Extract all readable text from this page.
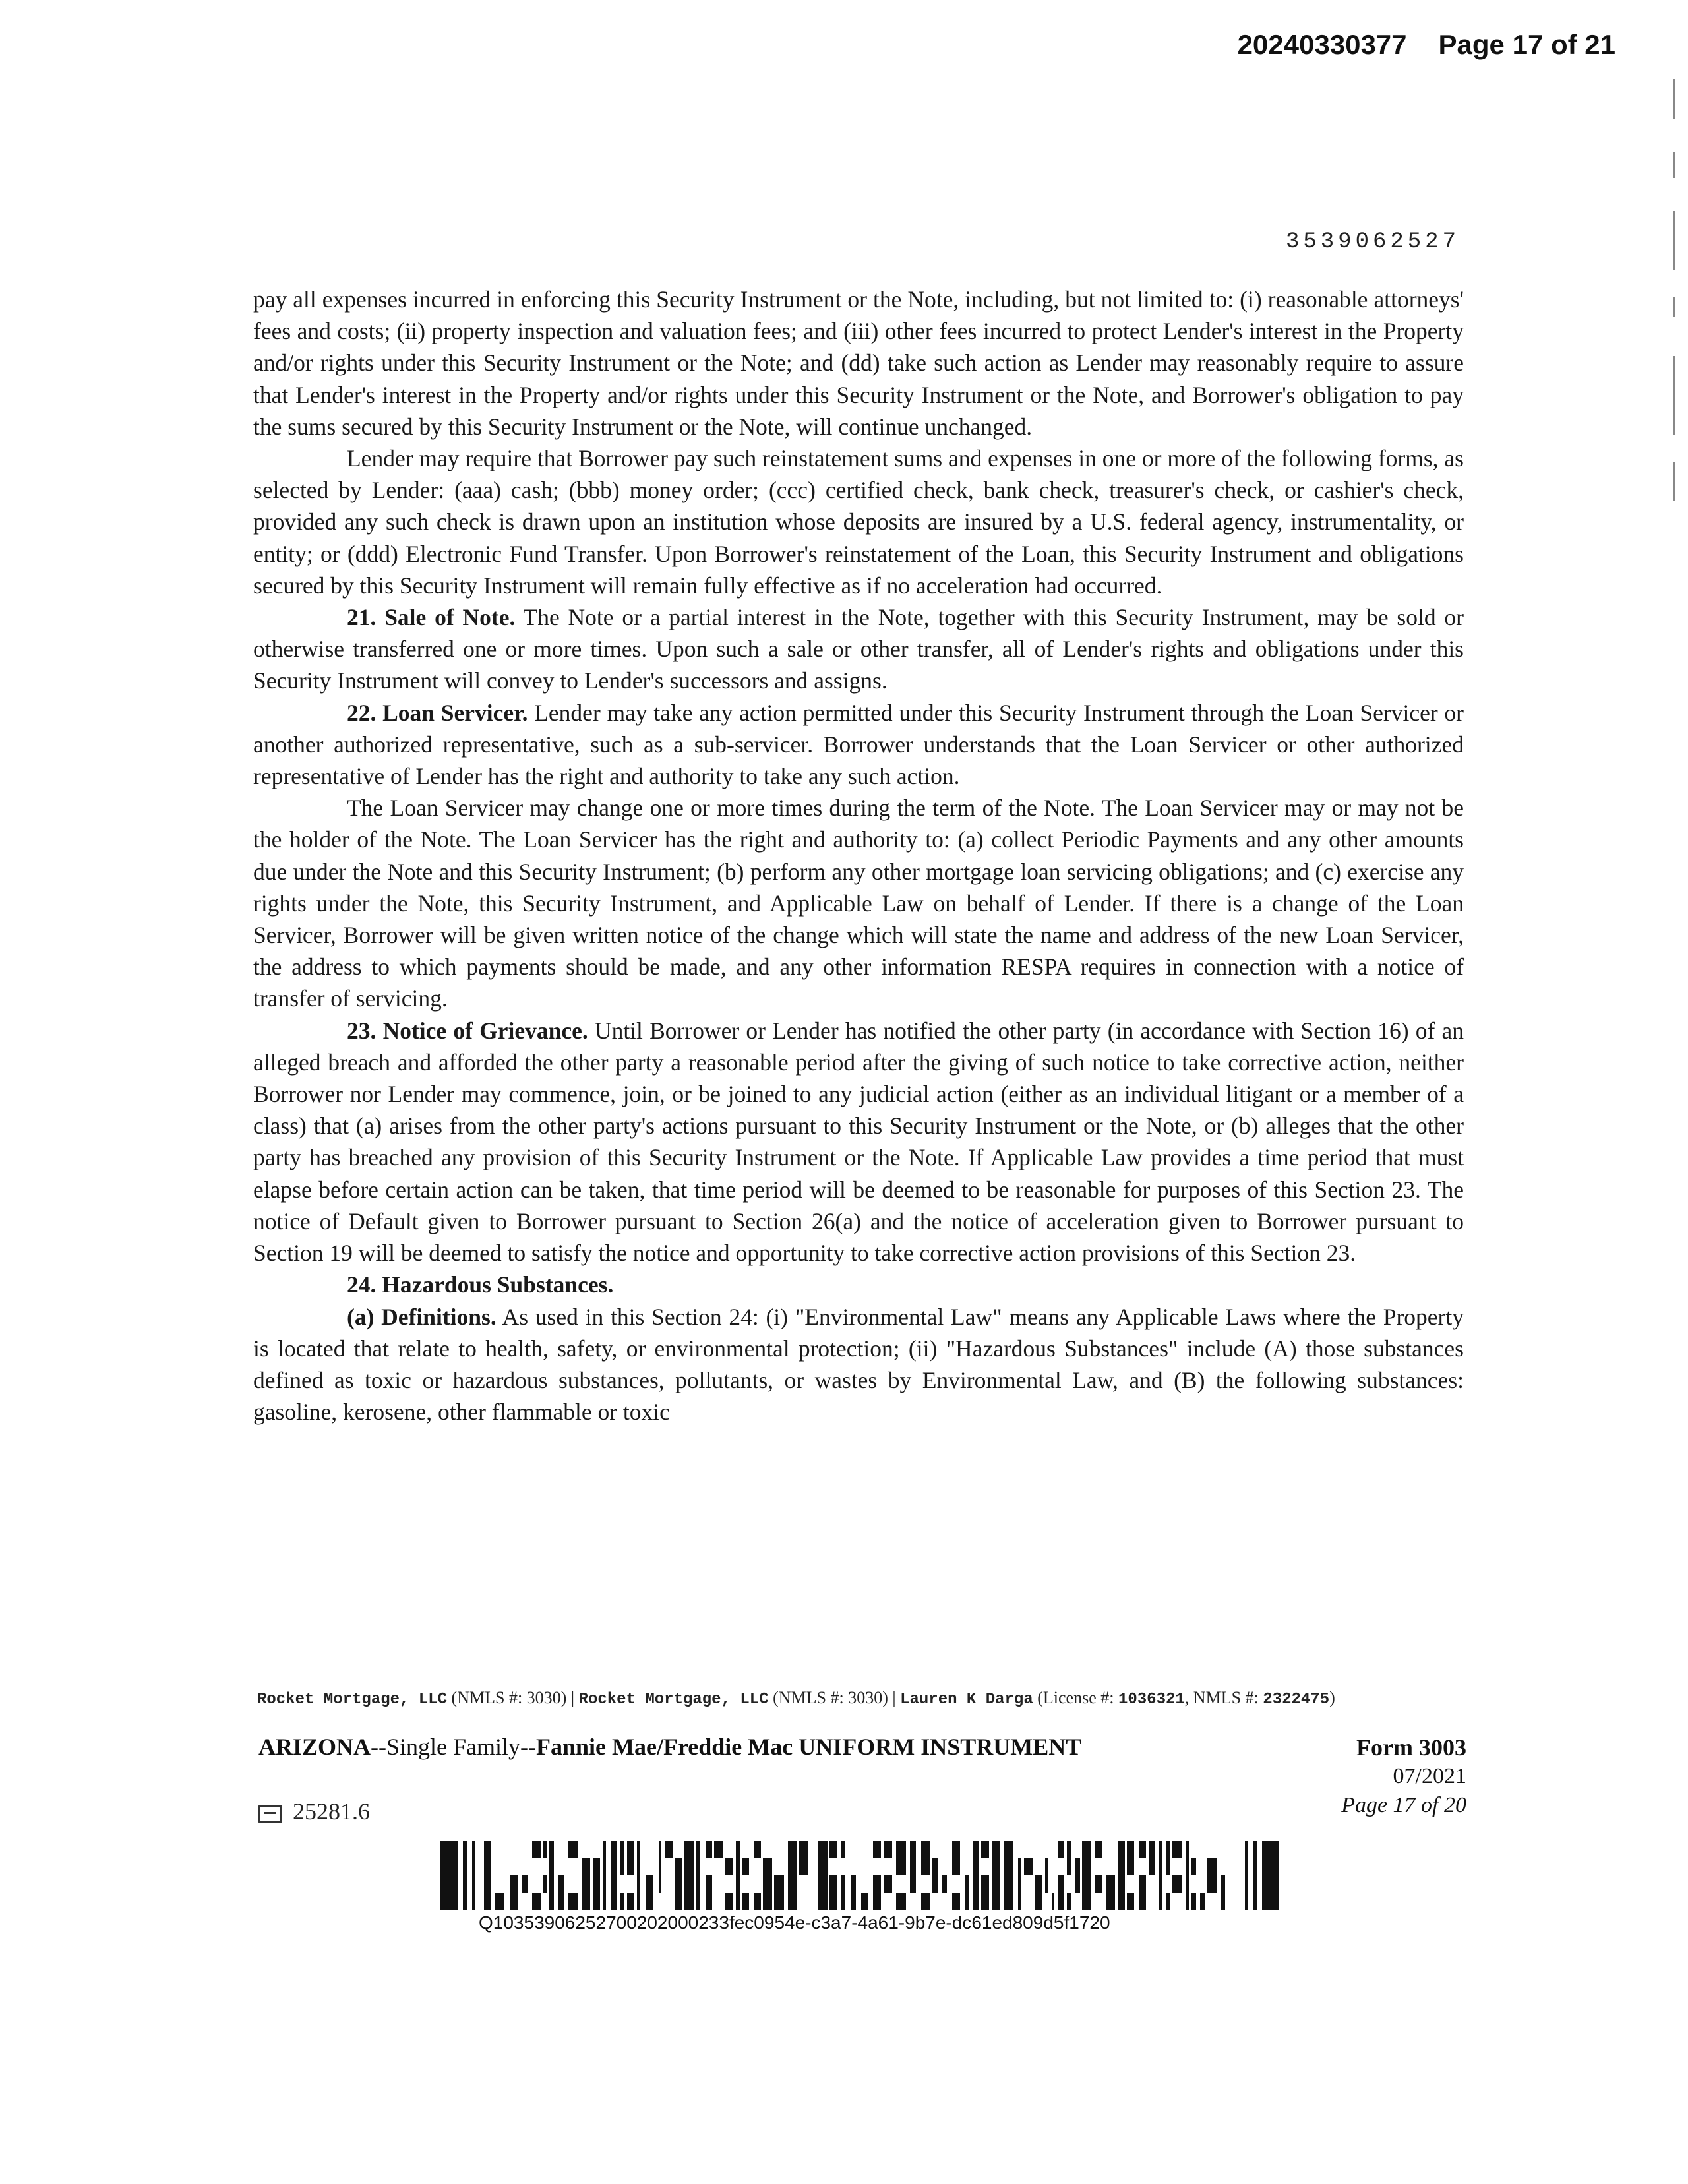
20240330377 Page 17 of 21
3539062527

pay all expenses incurred in enforcing this Security Instrument or the Note, including, but not limited to: (i) reasonable attorneys' fees and costs; (ii) property inspection and valuation fees; and (iii) other fees incurred to protect Lender's interest in the Property and/or rights under this Security Instrument or the Note; and (dd) take such action as Lender may reasonably require to assure that Lender's interest in the Property and/or rights under this Security Instrument or the Note, and Borrower's obligation to pay the sums secured by this Security Instrument or the Note, will continue unchanged.

Lender may require that Borrower pay such reinstatement sums and expenses in one or more of the following forms, as selected by Lender: (aaa) cash; (bbb) money order; (ccc) certified check, bank check, treasurer's check, or cashier's check, provided any such check is drawn upon an institution whose deposits are insured by a U.S. federal agency, instrumentality, or entity; or (ddd) Electronic Fund Transfer. Upon Borrower's reinstatement of the Loan, this Security Instrument and obligations secured by this Security Instrument will remain fully effective as if no acceleration had occurred.

21. Sale of Note. The Note or a partial interest in the Note, together with this Security Instrument, may be sold or otherwise transferred one or more times. Upon such a sale or other transfer, all of Lender's rights and obligations under this Security Instrument will convey to Lender's successors and assigns.

22. Loan Servicer. Lender may take any action permitted under this Security Instrument through the Loan Servicer or another authorized representative, such as a sub-servicer. Borrower understands that the Loan Servicer or other authorized representative of Lender has the right and authority to take any such action.

The Loan Servicer may change one or more times during the term of the Note. The Loan Servicer may or may not be the holder of the Note. The Loan Servicer has the right and authority to: (a) collect Periodic Payments and any other amounts due under the Note and this Security Instrument; (b) perform any other mortgage loan servicing obligations; and (c) exercise any rights under the Note, this Security Instrument, and Applicable Law on behalf of Lender. If there is a change of the Loan Servicer, Borrower will be given written notice of the change which will state the name and address of the new Loan Servicer, the address to which payments should be made, and any other information RESPA requires in connection with a notice of transfer of servicing.

23. Notice of Grievance. Until Borrower or Lender has notified the other party (in accordance with Section 16) of an alleged breach and afforded the other party a reasonable period after the giving of such notice to take corrective action, neither Borrower nor Lender may commence, join, or be joined to any judicial action (either as an individual litigant or a member of a class) that (a) arises from the other party's actions pursuant to this Security Instrument or the Note, or (b) alleges that the other party has breached any provision of this Security Instrument or the Note. If Applicable Law provides a time period that must elapse before certain action can be taken, that time period will be deemed to be reasonable for purposes of this Section 23. The notice of Default given to Borrower pursuant to Section 26(a) and the notice of acceleration given to Borrower pursuant to Section 19 will be deemed to satisfy the notice and opportunity to take corrective action provisions of this Section 23.

24. Hazardous Substances.

(a) Definitions. As used in this Section 24: (i) "Environmental Law" means any Applicable Laws where the Property is located that relate to health, safety, or environmental protection; (ii) "Hazardous Substances" include (A) those substances defined as toxic or hazardous substances, pollutants, or wastes by Environmental Law, and (B) the following substances: gasoline, kerosene, other flammable or toxic

Rocket Mortgage, LLC (NMLS #: 3030) | Rocket Mortgage, LLC (NMLS #: 3030) | Lauren K Darga (License #: 1036321, NMLS #: 2322475)
ARIZONA--Single Family--Fannie Mae/Freddie Mac UNIFORM INSTRUMENT	Form 3003
07/2021
Page 17 of 20
25281.6
Q10353906252700202000233fec0954e-c3a7-4a61-9b7e-dc61ed809d5f1720
